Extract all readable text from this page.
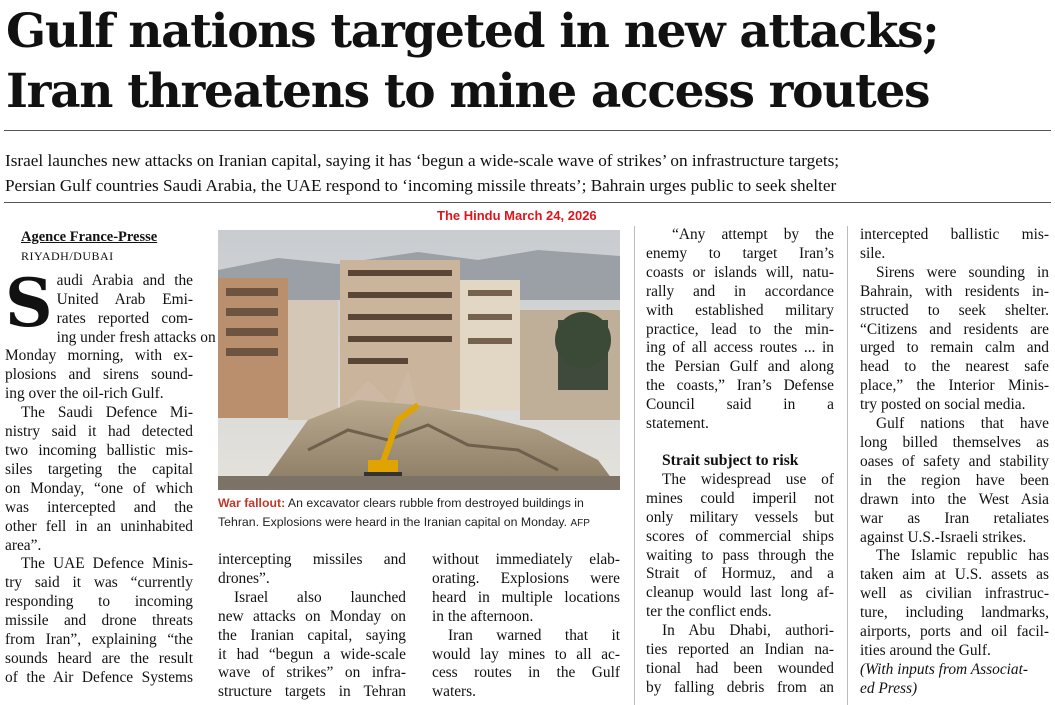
Gulf nations targeted in new attacks;
Iran threatens to mine access routes
Israel launches new attacks on Iranian capital, saying it has ‘begun a wide-scale wave of strikes’ on infrastructure targets;
Persian Gulf countries Saudi Arabia, the UAE respond to ‘incoming missile threats’; Bahrain urges public to seek shelter
The Hindu March 24, 2026

Agence France-Presse

RIYADH/DUBAI

S audi Arabia and the
United Arab Emi-
rates reported com-
ing under fresh attacks on
Monday morning, with ex-
plosions and sirens sound-
ing over the oil-rich Gulf.

The Saudi Defence Mi-
nistry said it had detected
two incoming ballistic mis-
siles targeting the capital
on Monday, “one of which
was intercepted and the
other fell in an uninhabited
area”.

The UAE Defence Minis-
try said it was “currently
responding to incoming
missile and drone threats
from Iran”, explaining “the
sounds heard are the result
of the Air Defence Systems

War fallout: An excavator clears rubble from destroyed buildings in Tehran. Explosions were heard in the Iranian capital on Monday. AFP

intercepting missiles and
drones”.

Israel also launched
new attacks on Monday on
the Iranian capital, saying
it had “begun a wide-scale
wave of strikes” on infra-
structure targets in Tehran

without immediately elab-
orating. Explosions were
heard in multiple locations
in the afternoon.

Iran warned that it
would lay mines to all ac-
cess routes in the Gulf
waters.

“Any attempt by the
enemy to target Iran’s
coasts or islands will, natu-
rally and in accordance
with established military
practice, lead to the min-
ing of all access routes ... in
the Persian Gulf and along
the coasts,” Iran’s Defense
Council said in a
statement.

Strait subject to risk

The widespread use of
mines could imperil not
only military vessels but
scores of commercial ships
waiting to pass through the
Strait of Hormuz, and a
cleanup would last long af-
ter the conflict ends.

In Abu Dhabi, authori-
ties reported an Indian na-
tional had been wounded
by falling debris from an

intercepted ballistic mis-
sile.

Sirens were sounding in
Bahrain, with residents in-
structed to seek shelter.
“Citizens and residents are
urged to remain calm and
head to the nearest safe
place,” the Interior Minis-
try posted on social media.

Gulf nations that have
long billed themselves as
oases of safety and stability
in the region have been
drawn into the West Asia
war as Iran retaliates
against U.S.-Israeli strikes.

The Islamic republic has
taken aim at U.S. assets as
well as civilian infrastruc-
ture, including landmarks,
airports, ports and oil facil-
ities around the Gulf.

(With inputs from Associat-
ed Press)
